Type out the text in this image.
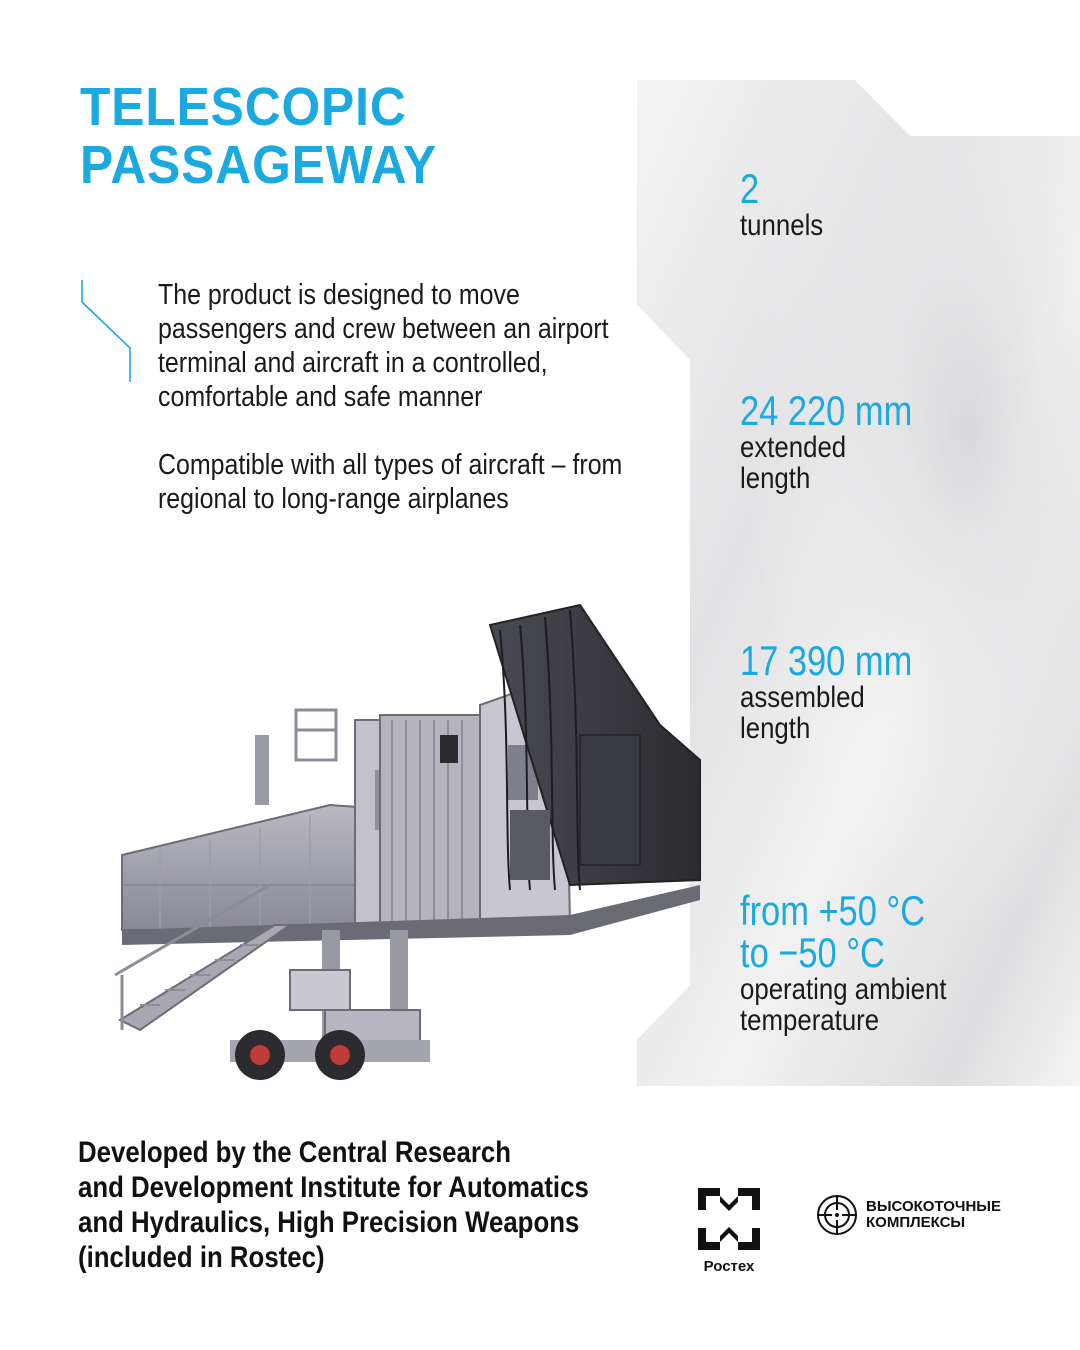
TELESCOPIC
PASSAGEWAY

The product is designed to move passengers and crew between an airport terminal and aircraft in a controlled, comfortable and safe manner

Compatible with all types of aircraft – from regional to long-range airplanes

2
tunnels
24 220 mm
extended
length
17 390 mm
assembled
length
from +50 °C
to −50 °C
operating ambient
temperature
Developed by the Central Research
and Development Institute for Automatics
and Hydraulics, High Precision Weapons
(included in Rostec)	Ростех
ВЫСОКОТОЧНЫЕ
КОМПЛЕКСЫ
